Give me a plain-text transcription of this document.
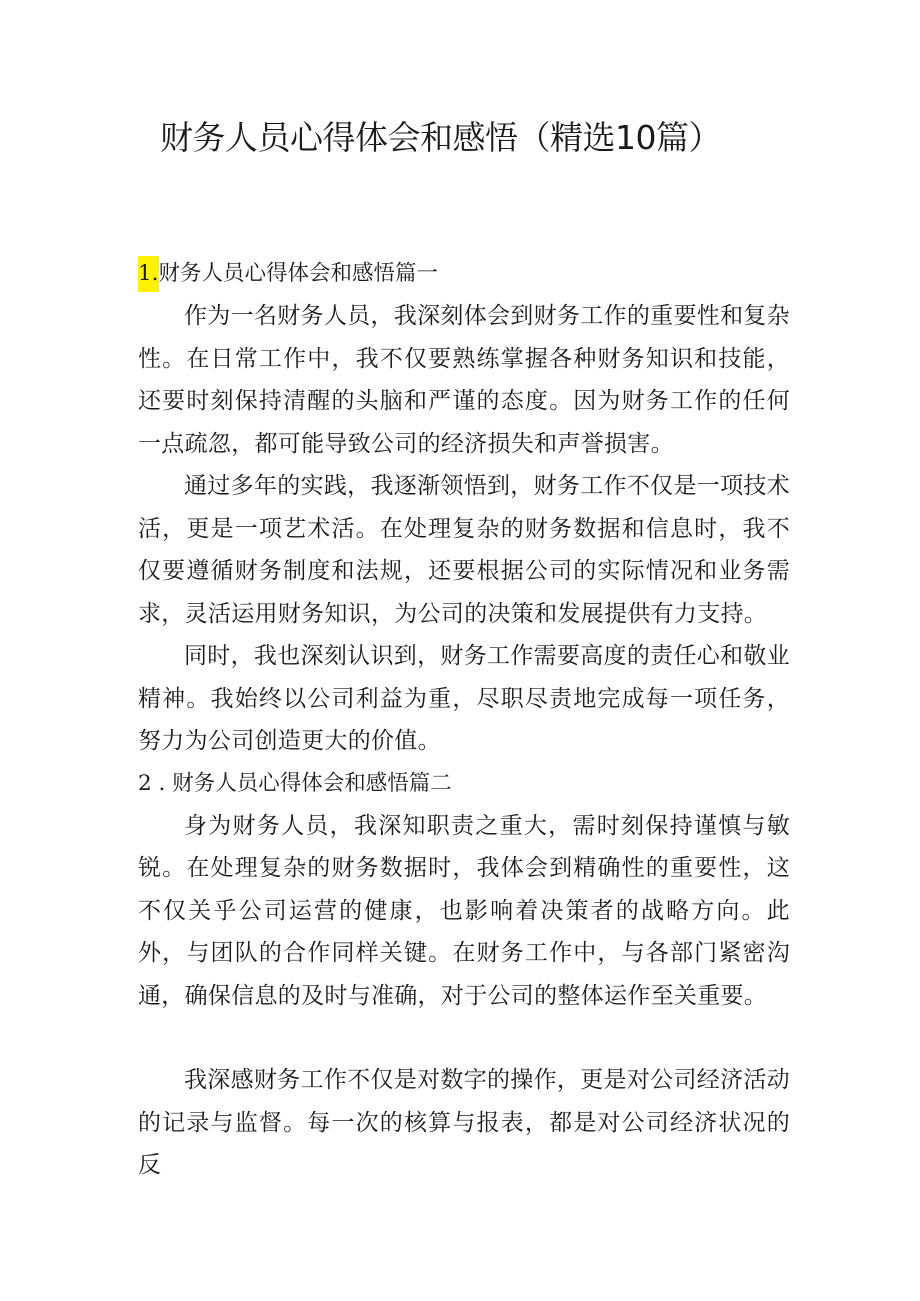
财务人员心得体会和感悟（精选10篇）
1.财务人员心得体会和感悟篇一

作为一名财务人员，我深刻体会到财务工作的重要性和复杂性。在日常工作中，我不仅要熟练掌握各种财务知识和技能，还要时刻保持清醒的头脑和严谨的态度。因为财务工作的任何一点疏忽，都可能导致公司的经济损失和声誉损害。

通过多年的实践，我逐渐领悟到，财务工作不仅是一项技术活，更是一项艺术活。在处理复杂的财务数据和信息时，我不仅要遵循财务制度和法规，还要根据公司的实际情况和业务需求，灵活运用财务知识，为公司的决策和发展提供有力支持。

同时，我也深刻认识到，财务工作需要高度的责任心和敬业精神。我始终以公司利益为重，尽职尽责地完成每一项任务，努力为公司创造更大的价值。

2 . 财务人员心得体会和感悟篇二

身为财务人员，我深知职责之重大，需时刻保持谨慎与敏锐。在处理复杂的财务数据时，我体会到精确性的重要性，这不仅关乎公司运营的健康，也影响着决策者的战略方向。此外，与团队的合作同样关键。在财务工作中，与各部门紧密沟通，确保信息的及时与准确，对于公司的整体运作至关重要。

我深感财务工作不仅是对数字的操作，更是对公司经济活动的记录与监督。每一次的核算与报表，都是对公司经济状况的反
